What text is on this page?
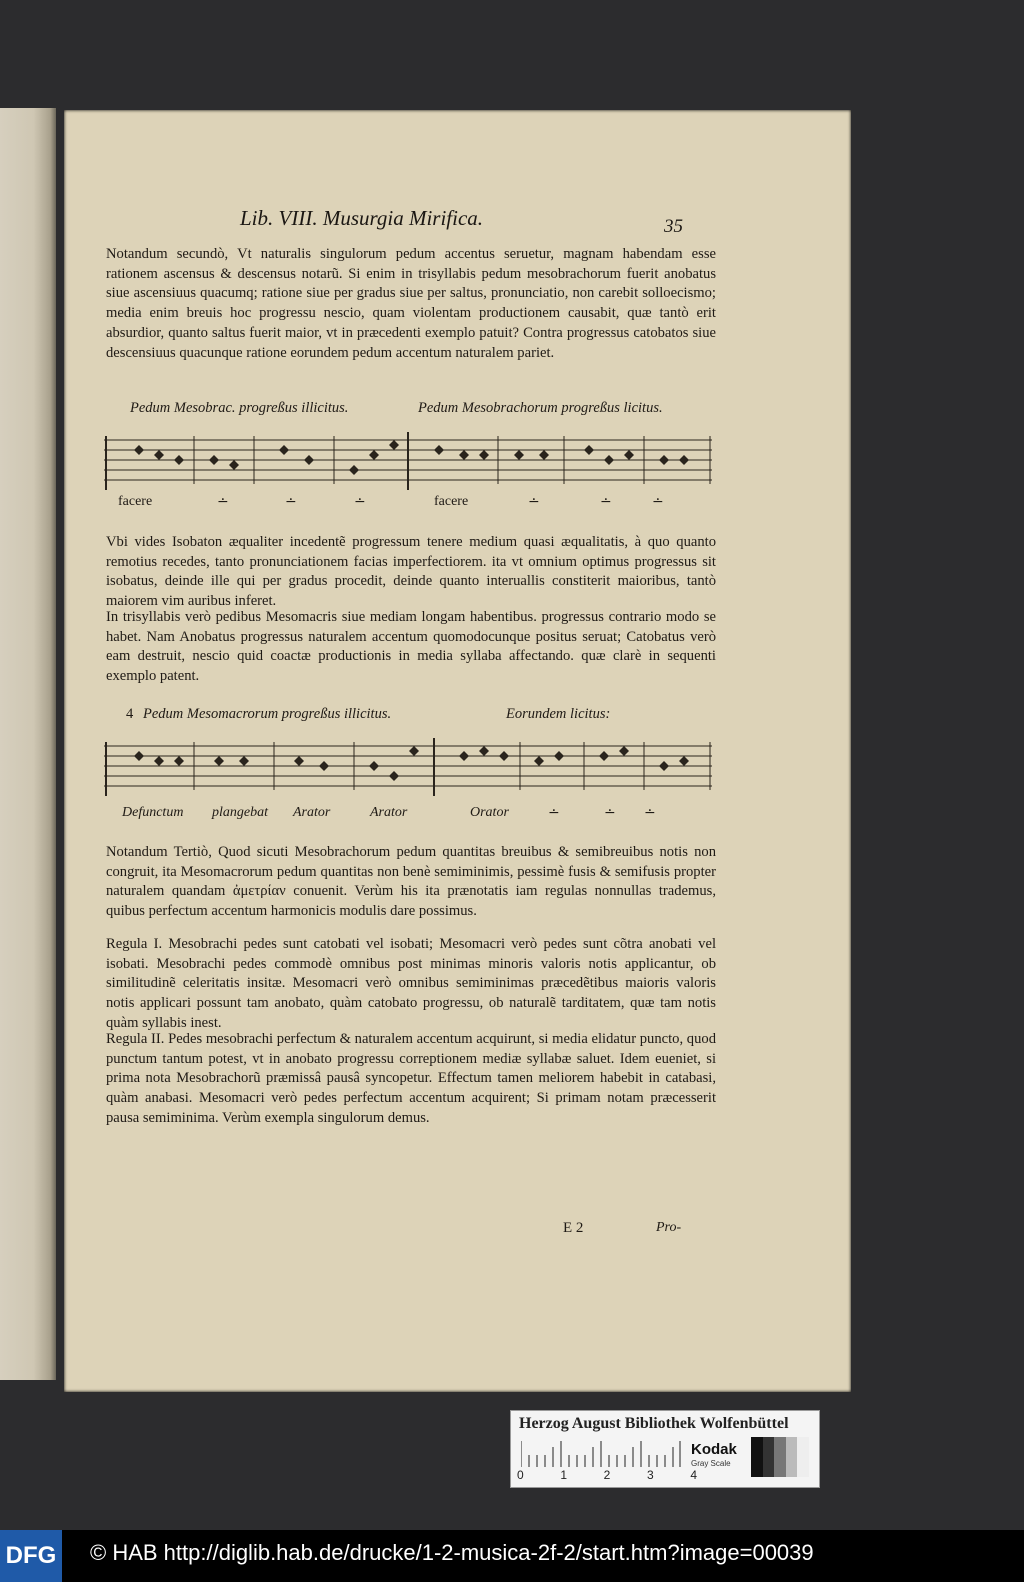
Lib. VIII. Musurgia Mirifica.	35
Notandum secundò, Vt naturalis singulorum pedum accentus seruetur, magnam habendam esse rationem ascensus & descensus notarũ. Si enim in trisyllabis pedum mesobrachorum fuerit anobatus siue ascensiuus quacumq; ratione siue per gradus siue per saltus, pronunciatio, non carebit solloecismo; media enim breuis hoc progressu nescio, quam violentam productionem causabit, quæ tantò erit absurdior, quanto saltus fuerit maior, vt in præcedenti exemplo patuit? Contra progressus catobatos siue descensiuus quacunque ratione eorundem pedum accentum naturalem pariet.
Pedum Mesobrac. progreßus illicitus.	Pedum Mesobrachorum progreßus licitus.
facere	∸	∸	∸	facere	∸	∸	∸
Vbi vides Isobaton æqualiter incedentẽ progressum tenere medium quasi æqualitatis, à quo quanto remotius recedes, tanto pronunciationem facias imperfectiorem. ita vt omnium optimus progressus sit isobatus, deinde ille qui per gradus procedit, deinde quanto interuallis constiterit maioribus, tantò maiorem vim auribus inferet.
In trisyllabis verò pedibus Mesomacris siue mediam longam habentibus. progressus contrario modo se habet. Nam Anobatus progressus naturalem accentum quomodocunque positus seruat; Catobatus verò eam destruit, nescio quid coactæ productionis in media syllaba affectando. quæ clarè in sequenti exemplo patent.
4 Pedum Mesomacrorum progreßus illicitus.	Eorundem licitus:
Defunctum plangebat Arator	Arator	Orator	∸	∸ ∸
Notandum Tertiò, Quod sicuti Mesobrachorum pedum quantitas breuibus & semibreuibus notis non congruit, ita Mesomacrorum pedum quantitas non benè semiminimis, pessimè fusis & semifusis propter naturalem quandam ἀμετρίαν conuenit. Verùm his ita prænotatis iam regulas nonnullas trademus, quibus perfectum accentum harmonicis modulis dare possimus.
Regula I. Mesobrachi pedes sunt catobati vel isobati; Mesomacri verò pedes sunt cõtra anobati vel isobati. Mesobrachi pedes commodè omnibus post minimas minoris valoris notis applicantur, ob similitudinẽ celeritatis insitæ. Mesomacri verò omnibus semiminimas præcedẽtibus maioris valoris notis applicari possunt tam anobato, quàm catobato progressu, ob naturalẽ tarditatem, quæ tam notis quàm syllabis inest.
Regula II. Pedes mesobrachi perfectum & naturalem accentum acquirunt, si media elidatur puncto, quod punctum tantum potest, vt in anobato progressu correptionem mediæ syllabæ saluet. Idem eueniet, si prima nota Mesobrachorũ præmissâ pausâ syncopetur. Effectum tamen meliorem habebit in catabasi, quàm anabasi. Mesomacri verò pedes perfectum accentum acquirent; Si primam notam præcesserit pausa semiminima. Verùm exempla singulorum demus.
E 2	Pro-
Herzog August Bibliothek Wolfenbüttel
0	1	2	3	4
Kodak
Gray Scale
DFG © HAB http://diglib.hab.de/drucke/1-2-musica-2f-2/start.htm?image=00039
